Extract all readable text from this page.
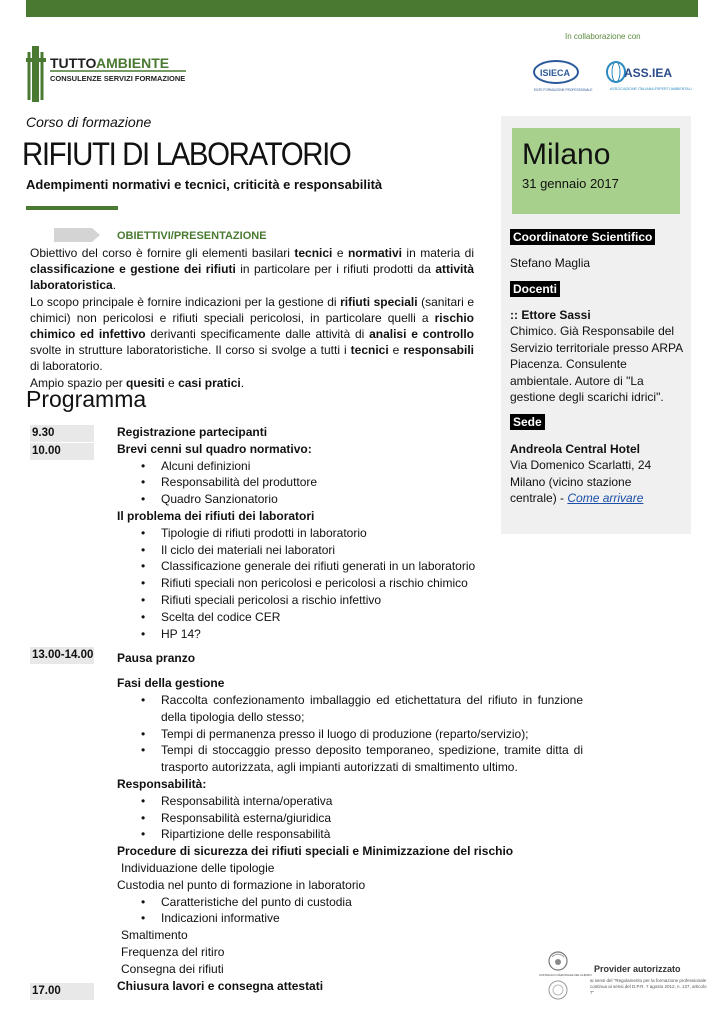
In collaborazione con
TUTTO AMBIENTE
CONSULENZE SERVIZI FORMAZIONE
ISIECA
ENTE FORMAZIONE PROFESSIONALE
ASS.IEA
ASSOCIAZIONE ITALIANA ESPERTI AMBIENTALI
Corso di formazione
RIFIUTI DI LABORATORIO
Adempimenti normativi e tecnici, criticità e responsabilità
OBIETTIVI/PRESENTAZIONE
Obiettivo del corso è fornire gli elementi basilari tecnici e normativi in materia di classificazione e gestione dei rifiuti in particolare per i rifiuti prodotti da attività laboratoristica.
Lo scopo principale è fornire indicazioni per la gestione di rifiuti speciali (sanitari e chimici) non pericolosi e rifiuti speciali pericolosi, in particolare quelli a rischio chimico ed infettivo derivanti specificamente dalle attività di analisi e controllo svolte in strutture laboratoristiche. Il corso si svolge a tutti i tecnici e responsabili di laboratorio.
Ampio spazio per quesiti e casi pratici.
Programma
9.30
10.00
13.00-14.00
17.00
Registrazione partecipanti
Brevi cenni sul quadro normativo:
• Alcuni definizioni
• Responsabilità del produttore
• Quadro Sanzionatorio
Il problema dei rifiuti dei laboratori
• Tipologie di rifiuti prodotti in laboratorio
• Il ciclo dei materiali nei laboratori
• Classificazione generale dei rifiuti generati in un laboratorio
• Rifiuti speciali non pericolosi e pericolosi a rischio chimico
• Rifiuti speciali pericolosi a rischio infettivo
• Scelta del codice CER
• HP 14?
Pausa pranzo
Fasi della gestione
• Raccolta confezionamento imballaggio ed etichettatura del rifiuto in funzione della tipologia dello stesso;
• Tempi di permanenza presso il luogo di produzione (reparto/servizio);
• Tempi di stoccaggio presso deposito temporaneo, spedizione, tramite ditta di trasporto autorizzata, agli impianti autorizzati di smaltimento ultimo.
Responsabilità:
• Responsabilità interna/operativa
• Responsabilità esterna/giuridica
• Ripartizione delle responsabilità
Procedure di sicurezza dei rifiuti speciali e Minimizzazione del rischio
Individuazione delle tipologie
Custodia nel punto di formazione in laboratorio
• Caratteristiche del punto di custodia
• Indicazioni informative
Smaltimento
Frequenza del ritiro
Consegna dei rifiuti
Chiusura lavori e consegna attestati
Milano
31 gennaio 2017
Coordinatore Scientifico
Stefano Maglia
Docenti
:: Ettore Sassi
Chimico. Già Responsabile del Servizio territoriale presso ARPA Piacenza. Consulente ambientale. Autore di "La gestione degli scarichi idrici".
Sede
Andreola Central Hotel
Via Domenico Scarlatti, 24 Milano (vicino stazione centrale) - Come arrivare
CONSIGLIO NAZIONALE DEI CHIMICI
Provider autorizzato
ai sensi del "Regolamento per la formazione professionale continua ai sensi del D.P.R. 7 agosto 2012, n. 137, articolo 7"
